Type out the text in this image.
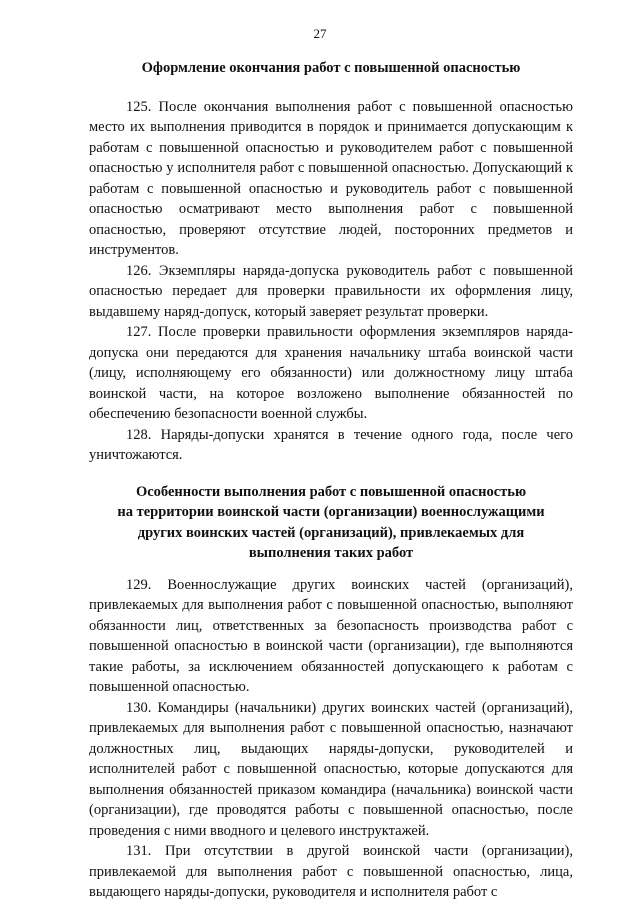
27

Оформление окончания работ с повышенной опасностью

125. После окончания выполнения работ с повышенной опасностью место их выполнения приводится в порядок и принимается допускающим к работам с повышенной опасностью и руководителем работ с повышенной опасностью у исполнителя работ с повышенной опасностью. Допускающий к работам с повышенной опасностью и руководитель работ с повышенной опасностью осматривают место выполнения работ с повышенной опасностью, проверяют отсутствие людей, посторонних предметов и инструментов.

126. Экземпляры наряда-допуска руководитель работ с повышенной опасностью передает для проверки правильности их оформления лицу, выдавшему наряд-допуск, который заверяет результат проверки.

127. После проверки правильности оформления экземпляров наряда-допуска они передаются для хранения начальнику штаба воинской части (лицу, исполняющему его обязанности) или должностному лицу штаба воинской части, на которое возложено выполнение обязанностей по обеспечению безопасности военной службы.

128. Наряды-допуски хранятся в течение одного года, после чего уничтожаются.

Особенности выполнения работ с повышенной опасностью
на территории воинской части (организации) военнослужащими
других воинских частей (организаций), привлекаемых для
выполнения таких работ

129. Военнослужащие других воинских частей (организаций), привлекаемых для выполнения работ с повышенной опасностью, выполняют обязанности лиц, ответственных за безопасность производства работ с повышенной опасностью в воинской части (организации), где выполняются такие работы, за исключением обязанностей допускающего к работам с повышенной опасностью.

130. Командиры (начальники) других воинских частей (организаций), привлекаемых для выполнения работ с повышенной опасностью, назначают должностных лиц, выдающих наряды-допуски, руководителей и исполнителей работ с повышенной опасностью, которые допускаются для выполнения обязанностей приказом командира (начальника) воинской части (организации), где проводятся работы с повышенной опасностью, после проведения с ними вводного и целевого инструктажей.

131. При отсутствии в другой воинской части (организации), привлекаемой для выполнения работ с повышенной опасностью, лица, выдающего наряды-допуски, руководителя и исполнителя работ с
